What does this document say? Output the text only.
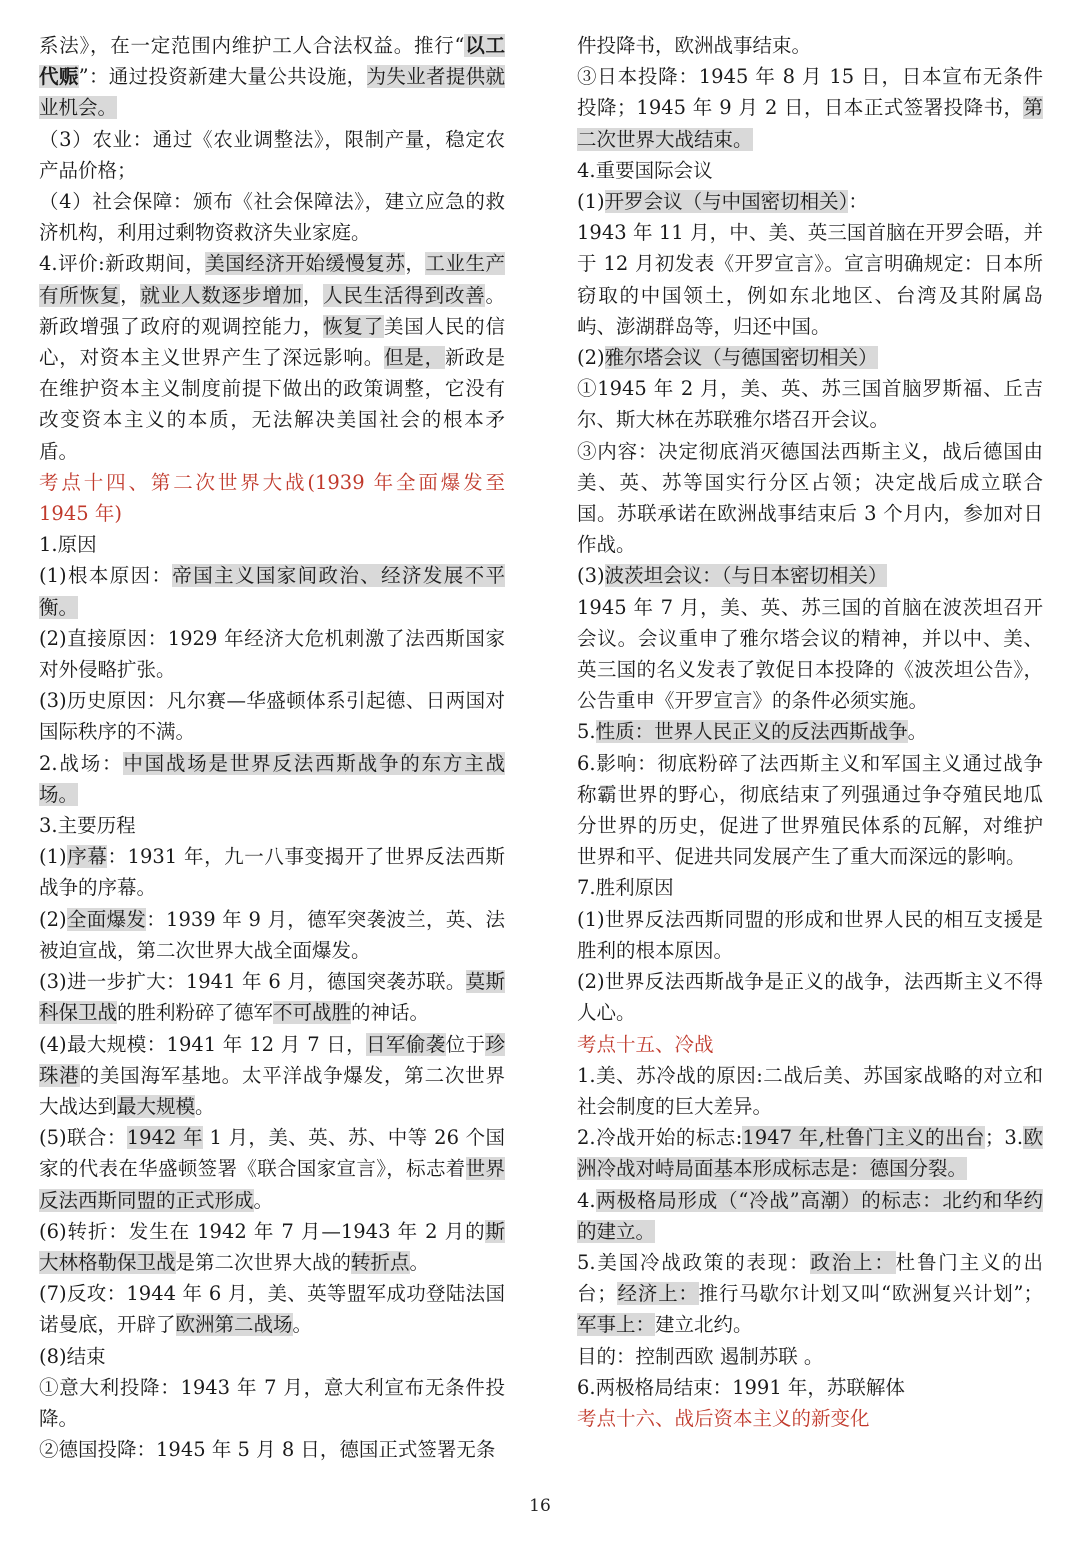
系法》，在一定范围内维护工人合法权益。推行“以工代赈”：通过投资新建大量公共设施，为失业者提供就业机会。

（3）农业：通过《农业调整法》，限制产量，稳定农产品价格；

（4）社会保障：颁布《社会保障法》，建立应急的救济机构，利用过剩物资救济失业家庭。

4.评价:新政期间，美国经济开始缓慢复苏，工业生产有所恢复，就业人数逐步增加，人民生活得到改善。新政增强了政府的观调控能力，恢复了美国人民的信心，对资本主义世界产生了深远影响。但是，新政是在维护资本主义制度前提下做出的政策调整，它没有改变资本主义的本质，无法解决美国社会的根本矛盾。

考点十四、第二次世界大战(1939 年全面爆发至 1945 年)

1.原因

(1)根本原因：帝国主义国家间政治、经济发展不平衡。

(2)直接原因：1929 年经济大危机刺激了法西斯国家对外侵略扩张。

(3)历史原因：凡尔赛—华盛顿体系引起德、日两国对国际秩序的不满。

2.战场：中国战场是世界反法西斯战争的东方主战场。

3.主要历程

(1)序幕：1931 年，九一八事变揭开了世界反法西斯战争的序幕。

(2)全面爆发：1939 年 9 月，德军突袭波兰，英、法被迫宣战，第二次世界大战全面爆发。

(3)进一步扩大：1941 年 6 月，德国突袭苏联。莫斯科保卫战的胜利粉碎了德军不可战胜的神话。

(4)最大规模：1941 年 12 月 7 日，日军偷袭位于珍珠港的美国海军基地。太平洋战争爆发，第二次世界大战达到最大规模。

(5)联合：1942 年 1 月，美、英、苏、中等 26 个国家的代表在华盛顿签署《联合国家宣言》，标志着世界反法西斯同盟的正式形成。

(6)转折：发生在 1942 年 7 月—1943 年 2 月的斯大林格勒保卫战是第二次世界大战的转折点。

(7)反攻：1944 年 6 月，美、英等盟军成功登陆法国诺曼底，开辟了欧洲第二战场。

(8)结束

①意大利投降：1943 年 7 月，意大利宣布无条件投降。

②德国投降：1945 年 5 月 8 日，德国正式签署无条

件投降书，欧洲战事结束。

③日本投降：1945 年 8 月 15 日，日本宣布无条件投降；1945 年 9 月 2 日，日本正式签署投降书，第二次世界大战结束。

4.重要国际会议

(1)开罗会议（与中国密切相关）：

1943 年 11 月，中、美、英三国首脑在开罗会晤，并于 12 月初发表《开罗宣言》。宣言明确规定：日本所窃取的中国领土，例如东北地区、台湾及其附属岛屿、澎湖群岛等，归还中国。

(2)雅尔塔会议（与德国密切相关）

①1945 年 2 月，美、英、苏三国首脑罗斯福、丘吉尔、斯大林在苏联雅尔塔召开会议。

③内容：决定彻底消灭德国法西斯主义，战后德国由美、英、苏等国实行分区占领；决定战后成立联合国。苏联承诺在欧洲战事结束后 3 个月内，参加对日作战。

(3)波茨坦会议：（与日本密切相关）

1945 年 7 月，美、英、苏三国的首脑在波茨坦召开会议。会议重申了雅尔塔会议的精神，并以中、美、英三国的名义发表了敦促日本投降的《波茨坦公告》，公告重申《开罗宣言》的条件必须实施。

5.性质：世界人民正义的反法西斯战争。

6.影响：彻底粉碎了法西斯主义和军国主义通过战争称霸世界的野心，彻底结束了列强通过争夺殖民地瓜分世界的历史，促进了世界殖民体系的瓦解，对维护世界和平、促进共同发展产生了重大而深远的影响。

7.胜利原因

(1)世界反法西斯同盟的形成和世界人民的相互支援是胜利的根本原因。

(2)世界反法西斯战争是正义的战争，法西斯主义不得人心。

考点十五、冷战

1.美、苏冷战的原因:二战后美、苏国家战略的对立和社会制度的巨大差异。

2.冷战开始的标志:1947 年,杜鲁门主义的出台；3.欧洲冷战对峙局面基本形成标志是：德国分裂。

4.两极格局形成（“冷战”高潮）的标志：北约和华约的建立。

5.美国冷战政策的表现：政治上：杜鲁门主义的出台；经济上：推行马歇尔计划又叫“欧洲复兴计划”；军事上：建立北约。

目的：控制西欧 遏制苏联 。

6.两极格局结束：1991 年，苏联解体

考点十六、战后资本主义的新变化

16
